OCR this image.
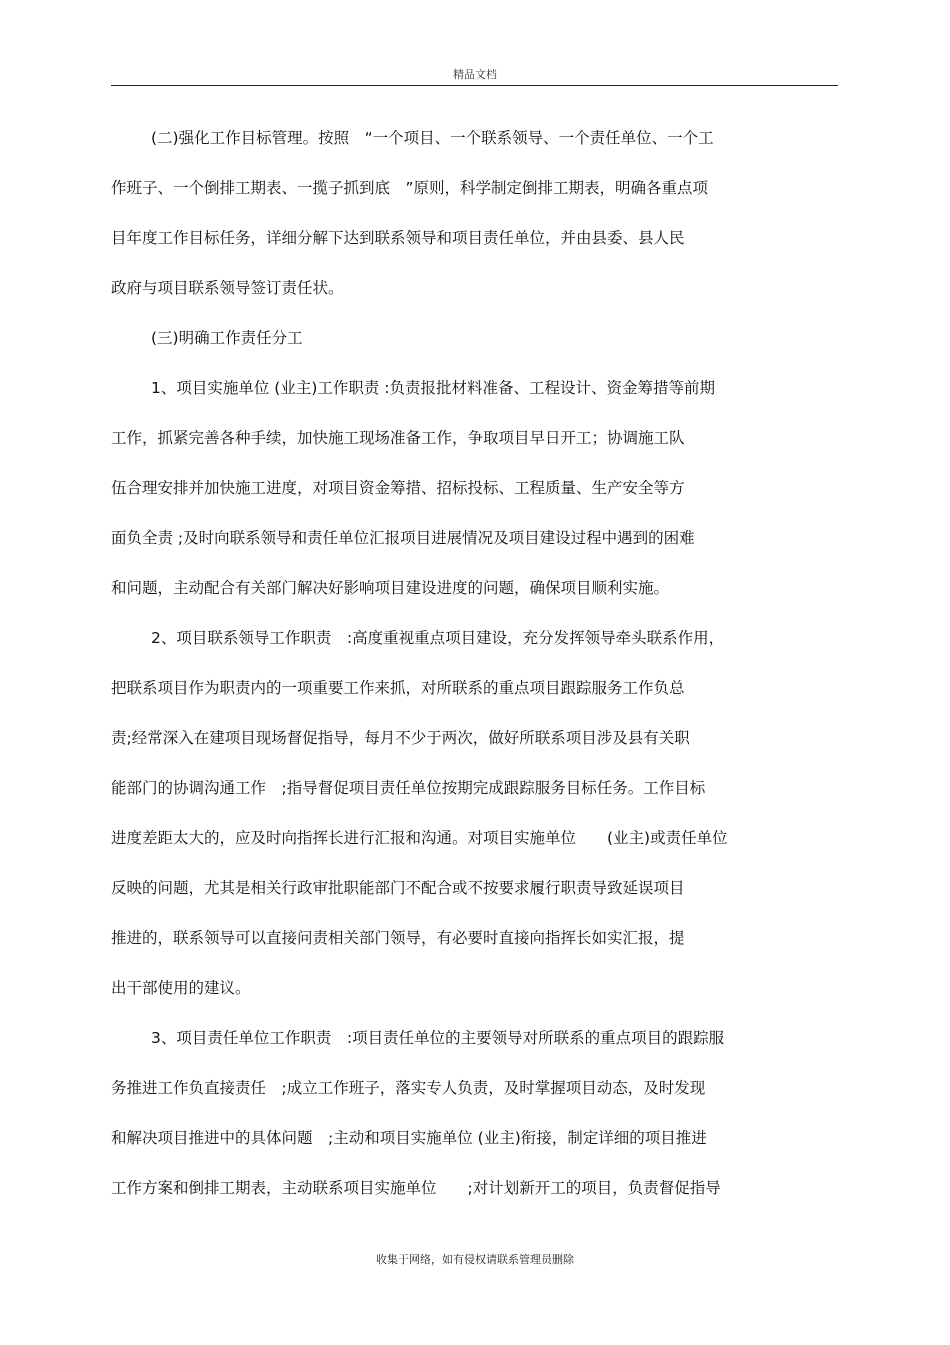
精品文档
(二)强化工作目标管理。按照　“一个项目、一个联系领导、一个责任单位、一个工
作班子、一个倒排工期表、一揽子抓到底　”原则，科学制定倒排工期表，明确各重点项
目年度工作目标任务，详细分解下达到联系领导和项目责任单位，并由县委、县人民
政府与项目联系领导签订责任状。
(三)明确工作责任分工
1、项目实施单位 (业主)工作职责 :负责报批材料准备、工程设计、资金筹措等前期
工作，抓紧完善各种手续，加快施工现场准备工作，争取项目早日开工；协调施工队
伍合理安排并加快施工进度，对项目资金筹措、招标投标、工程质量、生产安全等方
面负全责 ;及时向联系领导和责任单位汇报项目进展情况及项目建设过程中遇到的困难
和问题，主动配合有关部门解决好影响项目建设进度的问题，确保项目顺利实施。
2、项目联系领导工作职责　:高度重视重点项目建设，充分发挥领导牵头联系作用，
把联系项目作为职责内的一项重要工作来抓，对所联系的重点项目跟踪服务工作负总
责;经常深入在建项目现场督促指导，每月不少于两次，做好所联系项目涉及县有关职
能部门的协调沟通工作　;指导督促项目责任单位按期完成跟踪服务目标任务。工作目标
进度差距太大的，应及时向指挥长进行汇报和沟通。对项目实施单位　　(业主)或责任单位
反映的问题，尤其是相关行政审批职能部门不配合或不按要求履行职责导致延误项目
推进的，联系领导可以直接问责相关部门领导，有必要时直接向指挥长如实汇报，提
出干部使用的建议。
3、项目责任单位工作职责　:项目责任单位的主要领导对所联系的重点项目的跟踪服
务推进工作负直接责任　;成立工作班子，落实专人负责，及时掌握项目动态，及时发现
和解决项目推进中的具体问题　;主动和项目实施单位 (业主)衔接，制定详细的项目推进
工作方案和倒排工期表，主动联系项目实施单位　　;对计划新开工的项目，负责督促指导
收集于网络，如有侵权请联系管理员删除
